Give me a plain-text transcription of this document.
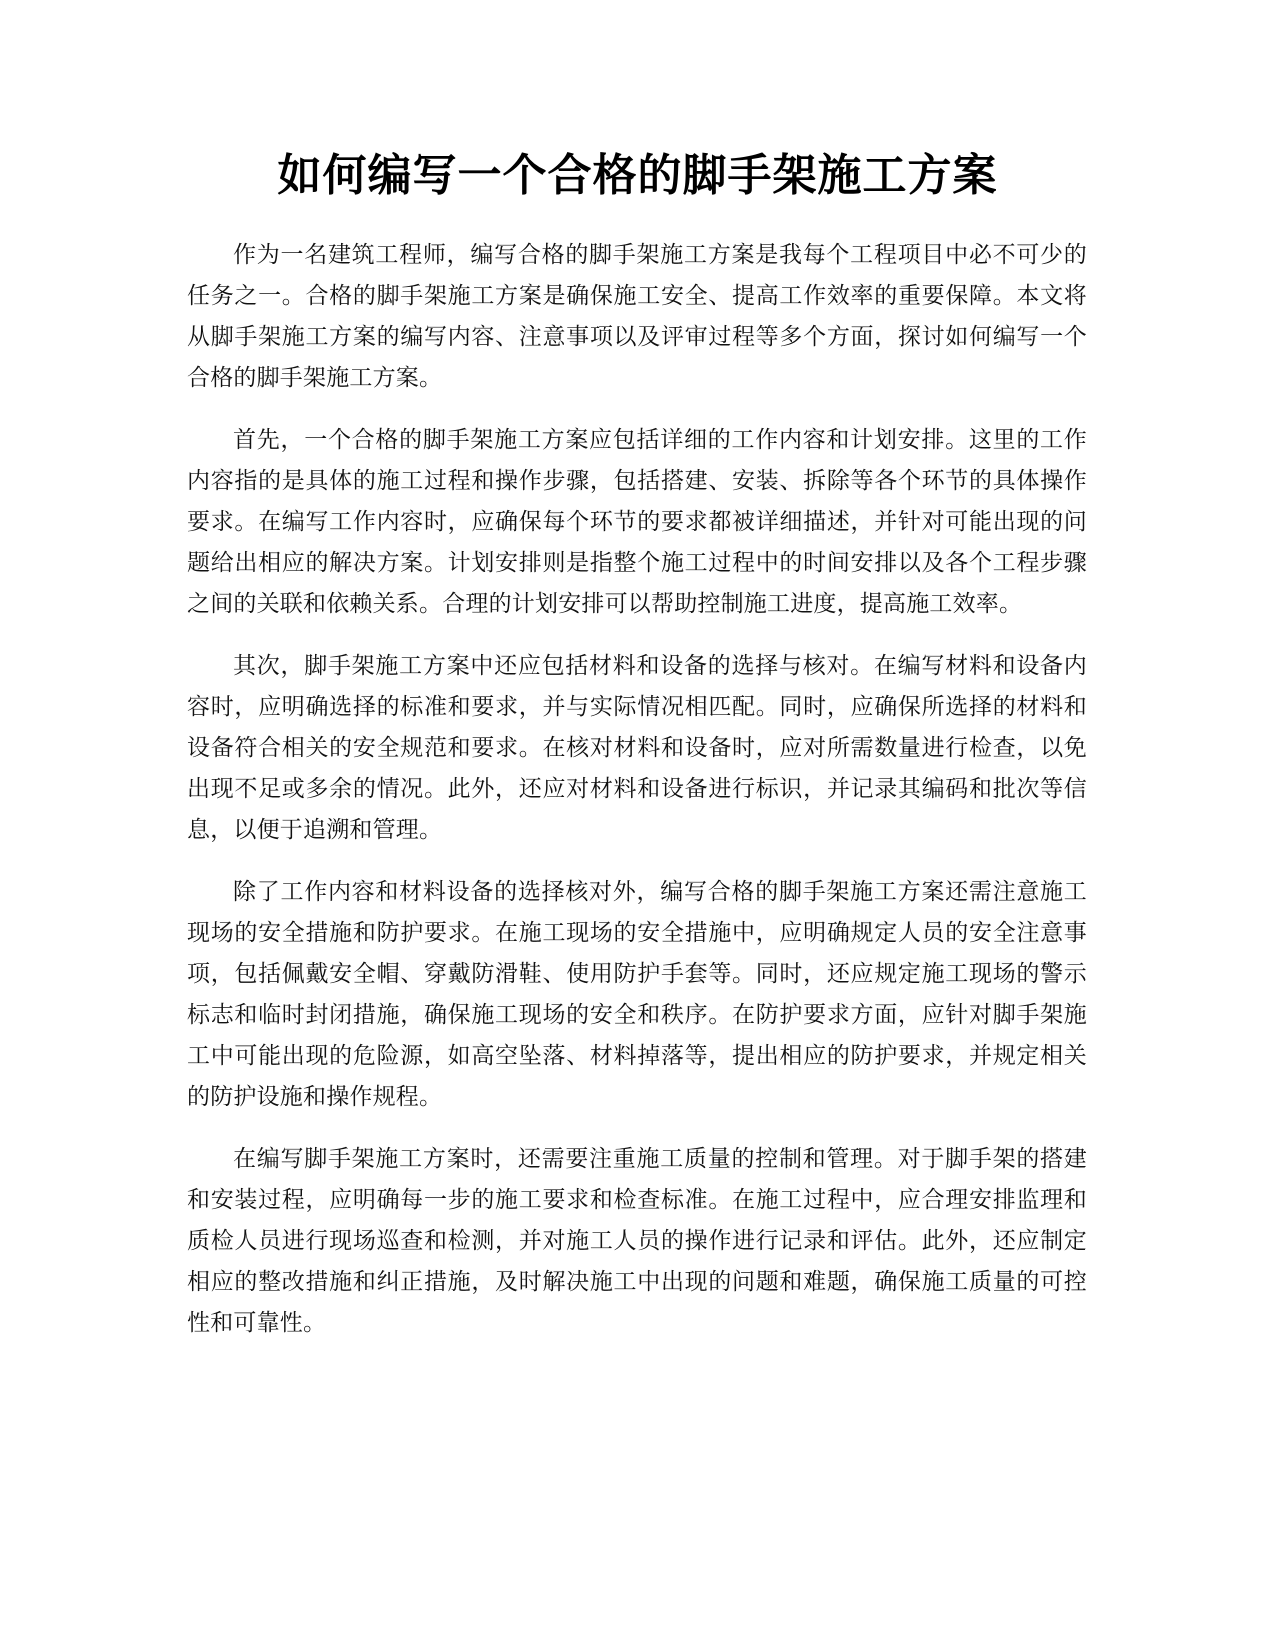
如何编写一个合格的脚手架施工方案

作为一名建筑工程师，编写合格的脚手架施工方案是我每个工程项目中必不可少的任务之一。合格的脚手架施工方案是确保施工安全、提高工作效率的重要保障。本文将从脚手架施工方案的编写内容、注意事项以及评审过程等多个方面，探讨如何编写一个合格的脚手架施工方案。

首先，一个合格的脚手架施工方案应包括详细的工作内容和计划安排。这里的工作内容指的是具体的施工过程和操作步骤，包括搭建、安装、拆除等各个环节的具体操作要求。在编写工作内容时，应确保每个环节的要求都被详细描述，并针对可能出现的问题给出相应的解决方案。计划安排则是指整个施工过程中的时间安排以及各个工程步骤之间的关联和依赖关系。合理的计划安排可以帮助控制施工进度，提高施工效率。

其次，脚手架施工方案中还应包括材料和设备的选择与核对。在编写材料和设备内容时，应明确选择的标准和要求，并与实际情况相匹配。同时，应确保所选择的材料和设备符合相关的安全规范和要求。在核对材料和设备时，应对所需数量进行检查，以免出现不足或多余的情况。此外，还应对材料和设备进行标识，并记录其编码和批次等信息，以便于追溯和管理。

除了工作内容和材料设备的选择核对外，编写合格的脚手架施工方案还需注意施工现场的安全措施和防护要求。在施工现场的安全措施中，应明确规定人员的安全注意事项，包括佩戴安全帽、穿戴防滑鞋、使用防护手套等。同时，还应规定施工现场的警示标志和临时封闭措施，确保施工现场的安全和秩序。在防护要求方面，应针对脚手架施工中可能出现的危险源，如高空坠落、材料掉落等，提出相应的防护要求，并规定相关的防护设施和操作规程。

在编写脚手架施工方案时，还需要注重施工质量的控制和管理。对于脚手架的搭建和安装过程，应明确每一步的施工要求和检查标准。在施工过程中，应合理安排监理和质检人员进行现场巡查和检测，并对施工人员的操作进行记录和评估。此外，还应制定相应的整改措施和纠正措施，及时解决施工中出现的问题和难题，确保施工质量的可控性和可靠性。
